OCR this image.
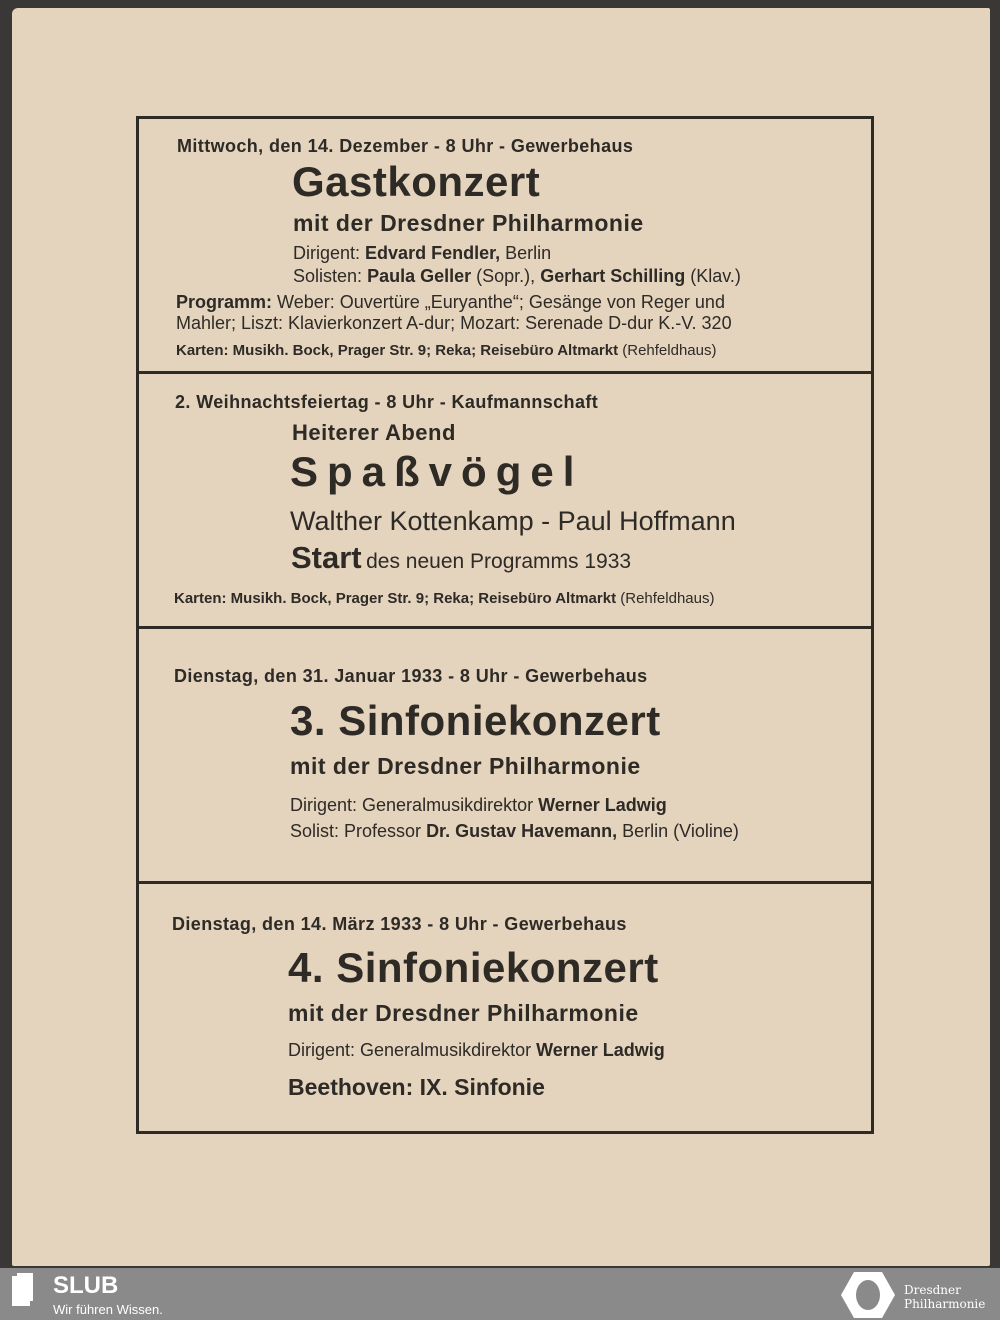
Mittwoch, den 14. Dezember - 8 Uhr - Gewerbehaus
Gastkonzert
mit der Dresdner Philharmonie
Dirigent: Edvard Fendler, Berlin
Solisten: Paula Geller (Sopr.), Gerhart Schilling (Klav.)
Programm: Weber: Ouvertüre „Euryanthe“; Gesänge von Reger und
Mahler; Liszt: Klavierkonzert A-dur; Mozart: Serenade D-dur K.-V. 320
Karten: Musikh. Bock, Prager Str. 9; Reka; Reisebüro Altmarkt (Rehfeldhaus)
2. Weihnachtsfeiertag - 8 Uhr - Kaufmannschaft
Heiterer Abend
Spaßvögel
Walther Kottenkamp - Paul Hoffmann
Start des neuen Programms 1933
Karten: Musikh. Bock, Prager Str. 9; Reka; Reisebüro Altmarkt (Rehfeldhaus)
Dienstag, den 31. Januar 1933 - 8 Uhr - Gewerbehaus
3. Sinfoniekonzert
mit der Dresdner Philharmonie
Dirigent: Generalmusikdirektor Werner Ladwig
Solist: Professor Dr. Gustav Havemann, Berlin (Violine)
Dienstag, den 14. März 1933 - 8 Uhr - Gewerbehaus
4. Sinfoniekonzert
mit der Dresdner Philharmonie
Dirigent: Generalmusikdirektor Werner Ladwig
Beethoven: IX. Sinfonie
SLUB
Wir führen Wissen.
Dresdner
Philharmonie
